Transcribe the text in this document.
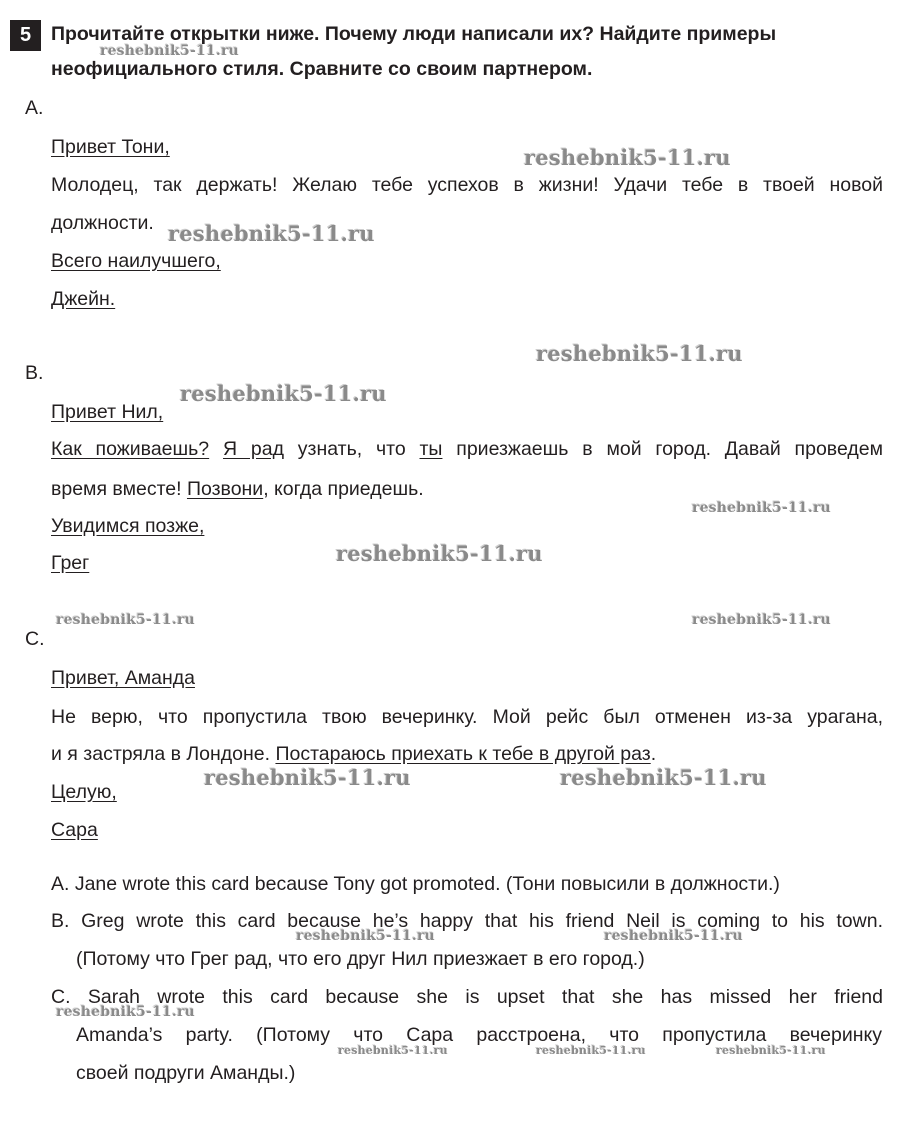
5	Прочитайте открытки ниже. Почему люди написали их? Найдите примеры
неофициального стиля. Сравните со своим партнером.
A.
Привет Тони,
Молодец, так держать! Желаю тебе успехов в жизни! Удачи тебе в твоей новой
должности.
Всего наилучшего,
Джейн.
B.
Привет Нил,
Как поживаешь? Я рад узнать, что ты приезжаешь в мой город. Давай проведем
время вместе! Позвони, когда приедешь.
Увидимся позже,
Грег
C.
Привет, Аманда
Не верю, что пропустила твою вечеринку. Мой рейс был отменен из-за урагана,
и я застряла в Лондоне. Постараюсь приехать к тебе в другой раз.
Целую,
Сара
A. Jane wrote this card because Tony got promoted. (Тони повысили в должности.)
B. Greg wrote this card because he’s happy that his friend Neil is coming to his town.
(Потому что Грег рад, что его друг Нил приезжает в его город.)
C. Sarah wrote this card because she is upset that she has missed her friend
Amanda’s party. (Потому что Сара расстроена, что пропустила вечеринку
своей подруги Аманды.)
reshebnik5-11.ru
reshebnik5-11.ru
reshebnik5-11.ru
reshebnik5-11.ru
reshebnik5-11.ru
reshebnik5-11.ru
reshebnik5-11.ru
reshebnik5-11.ru	reshebnik5-11.ru
reshebnik5-11.ru	reshebnik5-11.ru
reshebnik5-11.ru	reshebnik5-11.ru
reshebnik5-11.ru
reshebnik5-11.ru	reshebnik5-11.ru	reshebnik5-11.ru
